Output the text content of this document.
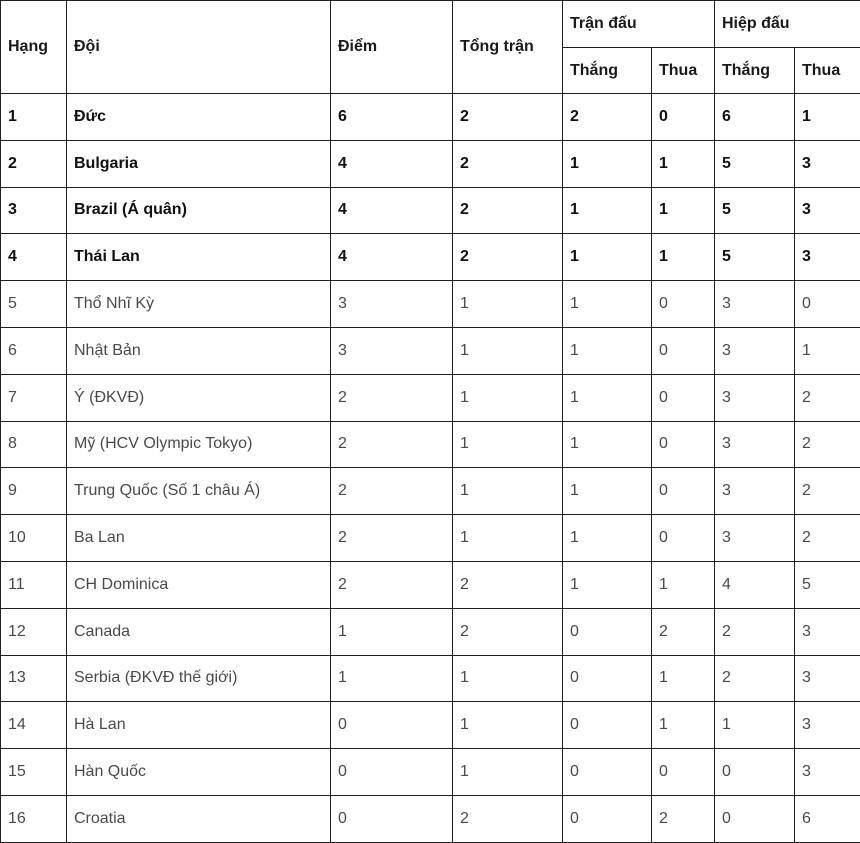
Hạng	Đội	Điểm	Tổng trận	Trận đấu		Hiệp đấu	
				Thắng	Thua	Thắng	Thua
1	Đức	6	2	2	0	6	1
2	Bulgaria	4	2	1	1	5	3
3	Brazil (Á quân)	4	2	1	1	5	3
4	Thái Lan	4	2	1	1	5	3
5	Thổ Nhĩ Kỳ	3	1	1	0	3	0
6	Nhật Bản	3	1	1	0	3	1
7	Ý (ĐKVĐ)	2	1	1	0	3	2
8	Mỹ (HCV Olympic Tokyo)	2	1	1	0	3	2
9	Trung Quốc (Số 1 châu Á)	2	1	1	0	3	2
10	Ba Lan	2	1	1	0	3	2
11	CH Dominica	2	2	1	1	4	5
12	Canada	1	2	0	2	2	3
13	Serbia (ĐKVĐ thế giới)	1	1	0	1	2	3
14	Hà Lan	0	1	0	1	1	3
15	Hàn Quốc	0	1	0	0	0	3
16	Croatia	0	2	0	2	0	6
